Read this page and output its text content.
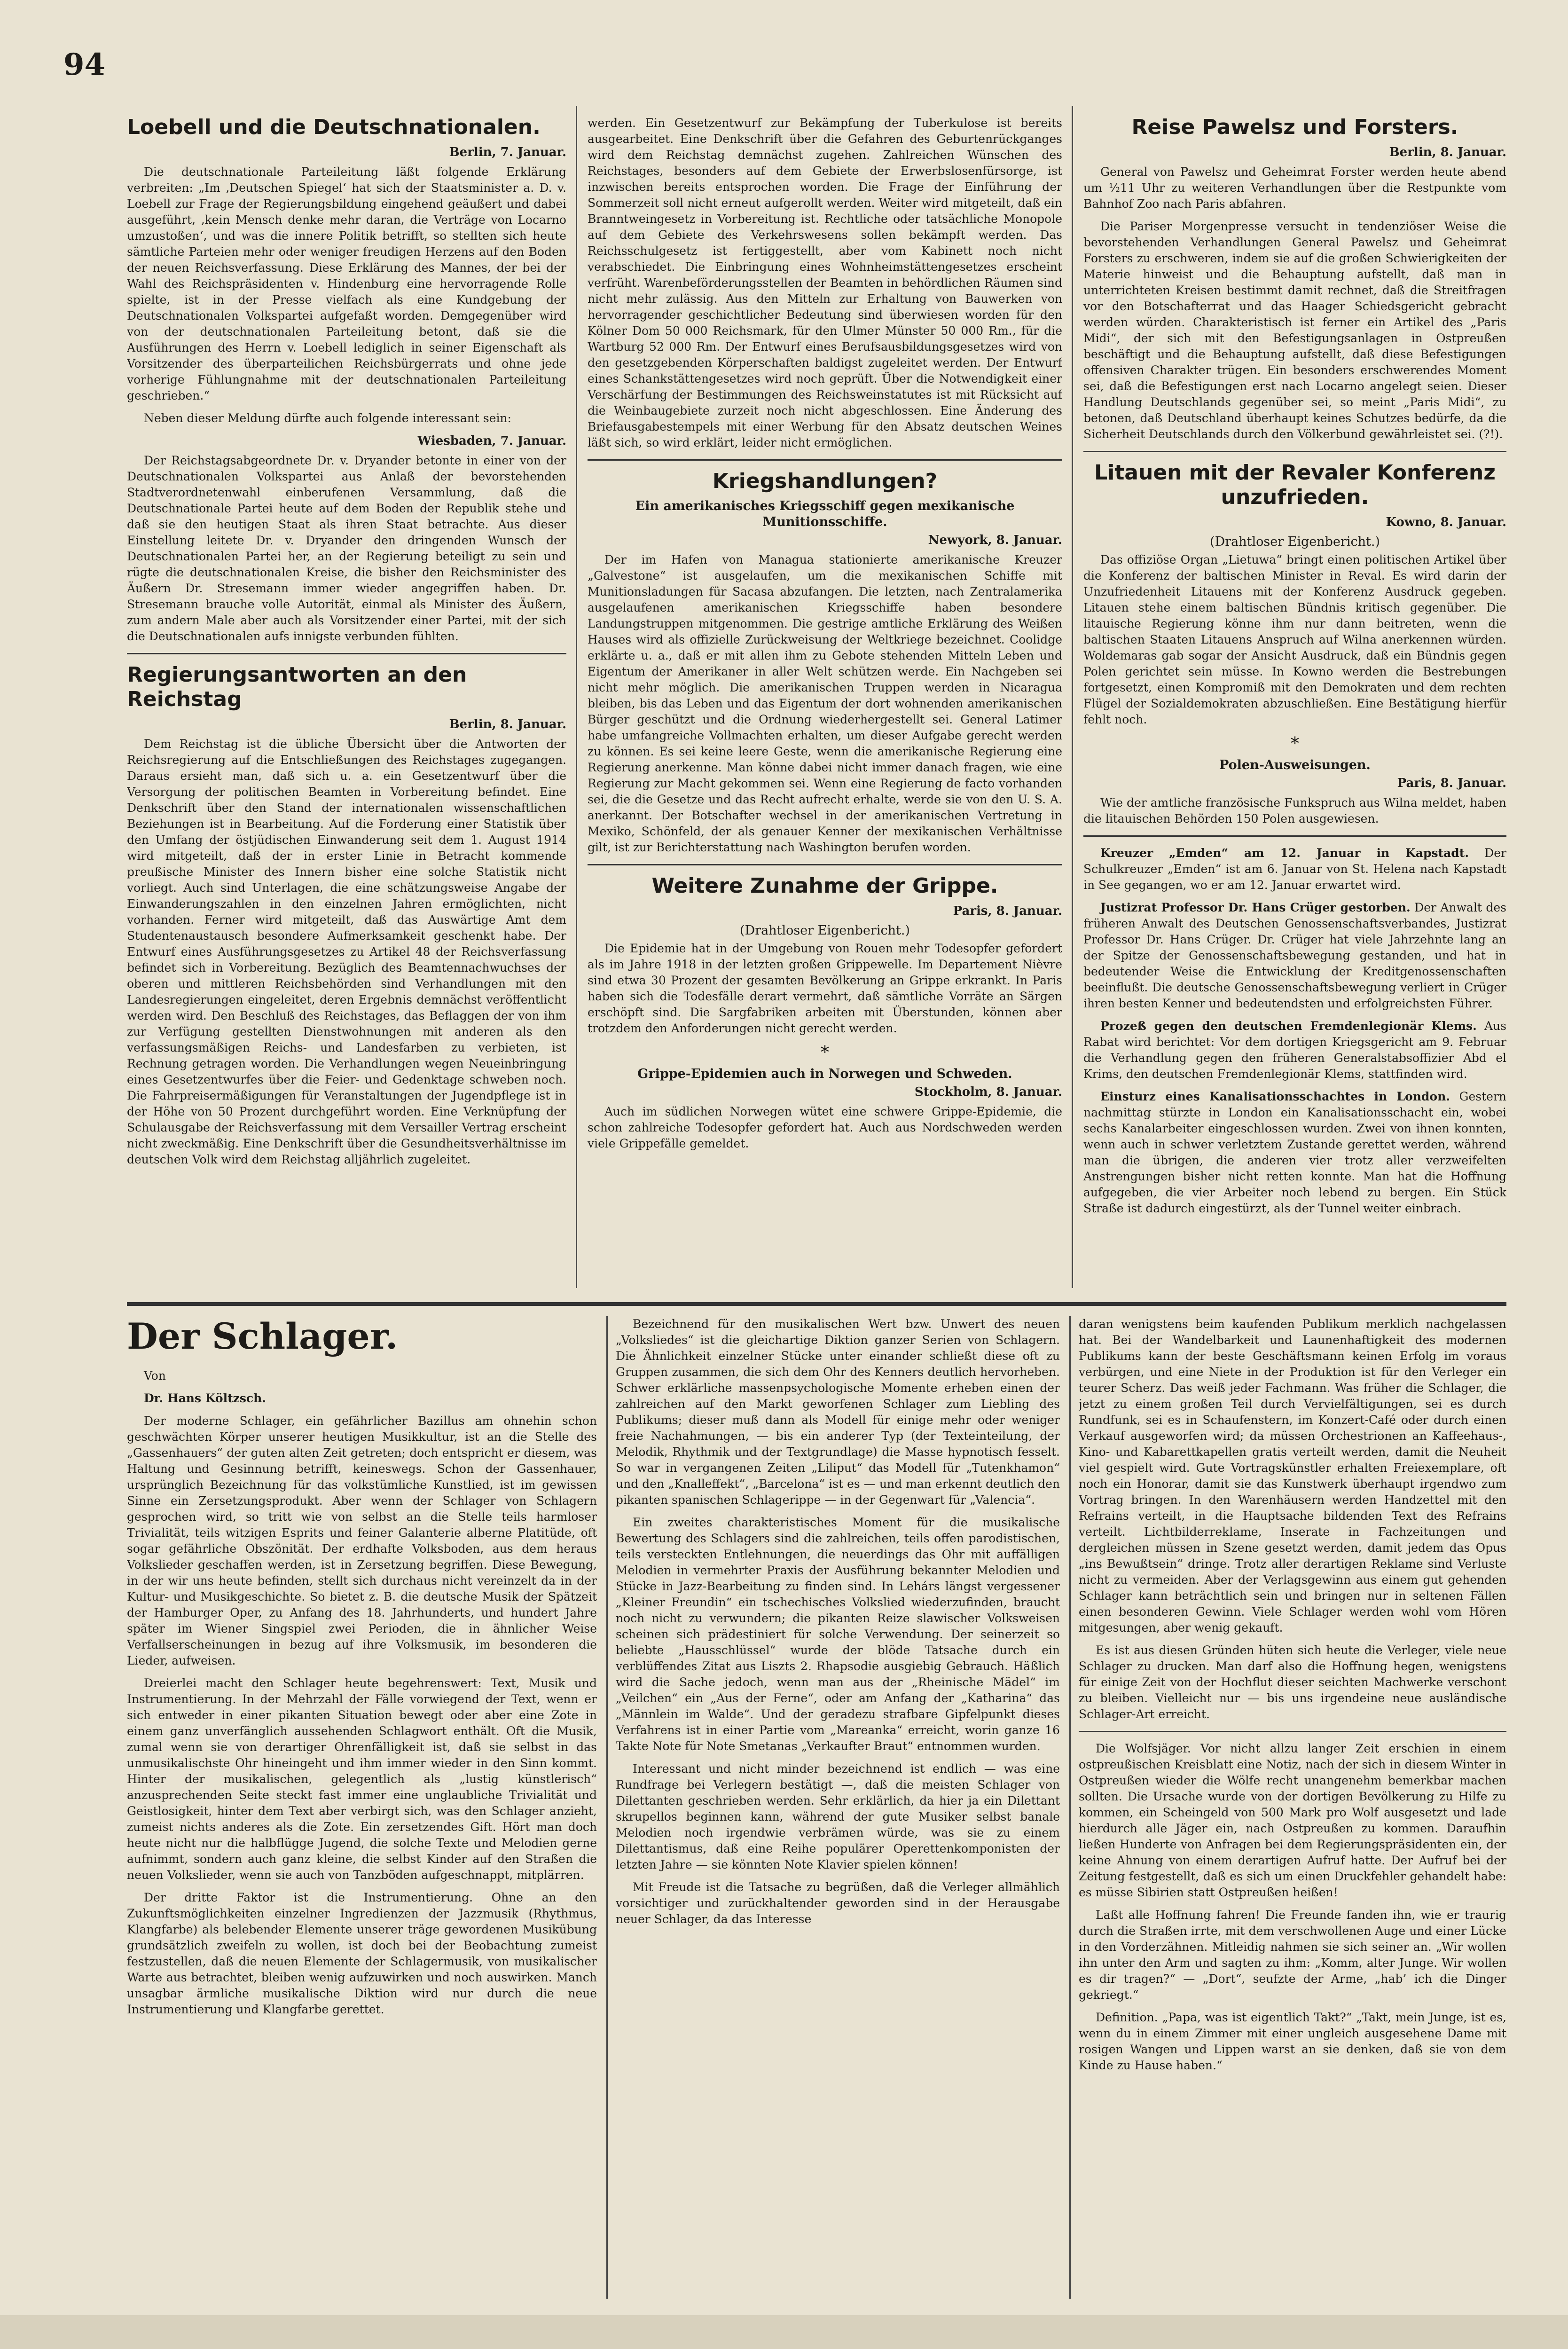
94
Loebell und die Deutschnationalen.
Berlin, 7. Januar.

Die deutschnationale Parteileitung läßt folgende Erklärung verbreiten: „Im ‚Deutschen Spiegel‘ hat sich der Staatsminister a. D. v. Loebell zur Frage der Regierungsbildung eingehend geäußert und dabei ausgeführt, ‚kein Mensch denke mehr daran, die Verträge von Locarno umzustoßen‘, und was die innere Politik betrifft, so stellten sich heute sämtliche Parteien mehr oder weniger freudigen Herzens auf den Boden der neuen Reichsverfassung. Diese Erklärung des Mannes, der bei der Wahl des Reichspräsidenten v. Hindenburg eine hervorragende Rolle spielte, ist in der Presse vielfach als eine Kundgebung der Deutschnationalen Volkspartei aufgefaßt worden. Demgegenüber wird von der deutschnationalen Parteileitung betont, daß sie die Ausführungen des Herrn v. Loebell lediglich in seiner Eigenschaft als Vorsitzender des überparteilichen Reichsbürgerrats und ohne jede vorherige Fühlungnahme mit der deutschnationalen Parteileitung geschrieben.“

Neben dieser Meldung dürfte auch folgende interessant sein:

Wiesbaden, 7. Januar.

Der Reichstagsabgeordnete Dr. v. Dryander betonte in einer von der Deutschnationalen Volkspartei aus Anlaß der bevorstehenden Stadtverordnetenwahl einberufenen Versammlung, daß die Deutschnationale Partei heute auf dem Boden der Republik stehe und daß sie den heutigen Staat als ihren Staat betrachte. Aus dieser Einstellung leitete Dr. v. Dryander den dringenden Wunsch der Deutschnationalen Partei her, an der Regierung beteiligt zu sein und rügte die deutschnationalen Kreise, die bisher den Reichsminister des Äußern Dr. Stresemann immer wieder angegriffen haben. Dr. Stresemann brauche volle Autorität, einmal als Minister des Äußern, zum andern Male aber auch als Vorsitzender einer Partei, mit der sich die Deutschnationalen aufs innigste verbunden fühlten.

Regierungsantworten an den Reichstag
Berlin, 8. Januar.

Dem Reichstag ist die übliche Übersicht über die Antworten der Reichsregierung auf die Entschließungen des Reichstages zugegangen. Daraus ersieht man, daß sich u. a. ein Gesetzentwurf über die Versorgung der politischen Beamten in Vorbereitung befindet. Eine Denkschrift über den Stand der internationalen wissenschaftlichen Beziehungen ist in Bearbeitung. Auf die Forderung einer Statistik über den Umfang der östjüdischen Einwanderung seit dem 1. August 1914 wird mitgeteilt, daß der in erster Linie in Betracht kommende preußische Minister des Innern bisher eine solche Statistik nicht vorliegt. Auch sind Unterlagen, die eine schätzungsweise Angabe der Einwanderungszahlen in den einzelnen Jahren ermöglichten, nicht vorhanden. Ferner wird mitgeteilt, daß das Auswärtige Amt dem Studentenaustausch besondere Aufmerksamkeit geschenkt habe. Der Entwurf eines Ausführungsgesetzes zu Artikel 48 der Reichsverfassung befindet sich in Vorbereitung. Bezüglich des Beamtennachwuchses der oberen und mittleren Reichsbehörden sind Verhandlungen mit den Landesregierungen eingeleitet, deren Ergebnis demnächst veröffentlicht werden wird. Den Beschluß des Reichstages, das Beflaggen der von ihm zur Verfügung gestellten Dienstwohnungen mit anderen als den verfassungsmäßigen Reichs- und Landesfarben zu verbieten, ist Rechnung getragen worden. Die Verhandlungen wegen Neueinbringung eines Gesetzentwurfes über die Feier- und Gedenktage schweben noch. Die Fahrpreisermäßigungen für Veranstaltungen der Jugendpflege ist in der Höhe von 50 Prozent durchgeführt worden. Eine Verknüpfung der Schulausgabe der Reichsverfassung mit dem Versailler Vertrag erscheint nicht zweckmäßig. Eine Denkschrift über die Gesundheitsverhältnisse im deutschen Volk wird dem Reichstag alljährlich zugeleitet.

werden. Ein Gesetzentwurf zur Bekämpfung der Tuberkulose ist bereits ausgearbeitet. Eine Denkschrift über die Gefahren des Geburtenrückganges wird dem Reichstag demnächst zugehen. Zahlreichen Wünschen des Reichstages, besonders auf dem Gebiete der Erwerbslosenfürsorge, ist inzwischen bereits entsprochen worden. Die Frage der Einführung der Sommerzeit soll nicht erneut aufgerollt werden. Weiter wird mitgeteilt, daß ein Branntweingesetz in Vorbereitung ist. Rechtliche oder tatsächliche Monopole auf dem Gebiete des Verkehrswesens sollen bekämpft werden. Das Reichsschulgesetz ist fertiggestellt, aber vom Kabinett noch nicht verabschiedet. Die Einbringung eines Wohnheimstättengesetzes erscheint verfrüht. Warenbeförderungsstellen der Beamten in behördlichen Räumen sind nicht mehr zulässig. Aus den Mitteln zur Erhaltung von Bauwerken von hervorragender geschichtlicher Bedeutung sind überwiesen worden für den Kölner Dom 50 000 Reichsmark, für den Ulmer Münster 50 000 Rm., für die Wartburg 52 000 Rm. Der Entwurf eines Berufsausbildungsgesetzes wird von den gesetzgebenden Körperschaften baldigst zugeleitet werden. Der Entwurf eines Schankstättengesetzes wird noch geprüft. Über die Notwendigkeit einer Verschärfung der Bestimmungen des Reichsweinstatutes ist mit Rücksicht auf die Weinbaugebiete zurzeit noch nicht abgeschlossen. Eine Änderung des Briefausgabestempels mit einer Werbung für den Absatz deutschen Weines läßt sich, so wird erklärt, leider nicht ermöglichen.

Kriegshandlungen?
Ein amerikanisches Kriegsschiff gegen mexikanische Munitionsschiffe.
Newyork, 8. Januar.

Der im Hafen von Managua stationierte amerikanische Kreuzer „Galvestone“ ist ausgelaufen, um die mexikanischen Schiffe mit Munitionsladungen für Sacasa abzufangen. Die letzten, nach Zentralamerika ausgelaufenen amerikanischen Kriegsschiffe haben besondere Landungstruppen mitgenommen. Die gestrige amtliche Erklärung des Weißen Hauses wird als offizielle Zurückweisung der Weltkriege bezeichnet. Coolidge erklärte u. a., daß er mit allen ihm zu Gebote stehenden Mitteln Leben und Eigentum der Amerikaner in aller Welt schützen werde. Ein Nachgeben sei nicht mehr möglich. Die amerikanischen Truppen werden in Nicaragua bleiben, bis das Leben und das Eigentum der dort wohnenden amerikanischen Bürger geschützt und die Ordnung wiederhergestellt sei. General Latimer habe umfangreiche Vollmachten erhalten, um dieser Aufgabe gerecht werden zu können. Es sei keine leere Geste, wenn die amerikanische Regierung eine Regierung anerkenne. Man könne dabei nicht immer danach fragen, wie eine Regierung zur Macht gekommen sei. Wenn eine Regierung de facto vorhanden sei, die die Gesetze und das Recht aufrecht erhalte, werde sie von den U. S. A. anerkannt. Der Botschafter wechsel in der amerikanischen Vertretung in Mexiko, Schönfeld, der als genauer Kenner der mexikanischen Verhältnisse gilt, ist zur Berichterstattung nach Washington berufen worden.

Weitere Zunahme der Grippe.
Paris, 8. Januar.
(Drahtloser Eigenbericht.)

Die Epidemie hat in der Umgebung von Rouen mehr Todesopfer gefordert als im Jahre 1918 in der letzten großen Grippewelle. Im Departement Nièvre sind etwa 30 Prozent der gesamten Bevölkerung an Grippe erkrankt. In Paris haben sich die Todesfälle derart vermehrt, daß sämtliche Vorräte an Särgen erschöpft sind. Die Sargfabriken arbeiten mit Überstunden, können aber trotzdem den Anforderungen nicht gerecht werden.

*
Grippe-Epidemien auch in Norwegen und Schweden.
Stockholm, 8. Januar.

Auch im südlichen Norwegen wütet eine schwere Grippe-Epidemie, die schon zahlreiche Todesopfer gefordert hat. Auch aus Nordschweden werden viele Grippefälle gemeldet.

Reise Pawelsz und Forsters.
Berlin, 8. Januar.

General von Pawelsz und Geheimrat Forster werden heute abend um ½11 Uhr zu weiteren Verhandlungen über die Restpunkte vom Bahnhof Zoo nach Paris abfahren.

Die Pariser Morgenpresse versucht in tendenziöser Weise die bevorstehenden Verhandlungen General Pawelsz und Geheimrat Forsters zu erschweren, indem sie auf die großen Schwierigkeiten der Materie hinweist und die Behauptung aufstellt, daß man in unterrichteten Kreisen bestimmt damit rechnet, daß die Streitfragen vor den Botschafterrat und das Haager Schiedsgericht gebracht werden würden. Charakteristisch ist ferner ein Artikel des „Paris Midi“, der sich mit den Befestigungsanlagen in Ostpreußen beschäftigt und die Behauptung aufstellt, daß diese Befestigungen offensiven Charakter trügen. Ein besonders erschwerendes Moment sei, daß die Befestigungen erst nach Locarno angelegt seien. Dieser Handlung Deutschlands gegenüber sei, so meint „Paris Midi“, zu betonen, daß Deutschland überhaupt keines Schutzes bedürfe, da die Sicherheit Deutschlands durch den Völkerbund gewährleistet sei. (?!).

Litauen mit der Revaler Konferenz unzufrieden.
Kowno, 8. Januar.
(Drahtloser Eigenbericht.)

Das offiziöse Organ „Lietuwa“ bringt einen politischen Artikel über die Konferenz der baltischen Minister in Reval. Es wird darin der Unzufriedenheit Litauens mit der Konferenz Ausdruck gegeben. Litauen stehe einem baltischen Bündnis kritisch gegenüber. Die litauische Regierung könne ihm nur dann beitreten, wenn die baltischen Staaten Litauens Anspruch auf Wilna anerkennen würden. Woldemaras gab sogar der Ansicht Ausdruck, daß ein Bündnis gegen Polen gerichtet sein müsse. In Kowno werden die Bestrebungen fortgesetzt, einen Kompromiß mit den Demokraten und dem rechten Flügel der Sozialdemokraten abzuschließen. Eine Bestätigung hierfür fehlt noch.

*
Polen-Ausweisungen.
Paris, 8. Januar.

Wie der amtliche französische Funkspruch aus Wilna meldet, haben die litauischen Behörden 150 Polen ausgewiesen.

Kreuzer „Emden“ am 12. Januar in Kapstadt. Der Schulkreuzer „Emden“ ist am 6. Januar von St. Helena nach Kapstadt in See gegangen, wo er am 12. Januar erwartet wird.

Justizrat Professor Dr. Hans Crüger gestorben. Der Anwalt des früheren Anwalt des Deutschen Genossenschaftsverbandes, Justizrat Professor Dr. Hans Crüger. Dr. Crüger hat viele Jahrzehnte lang an der Spitze der Genossenschaftsbewegung gestanden, und hat in bedeutender Weise die Entwicklung der Kreditgenossenschaften beeinflußt. Die deutsche Genossenschaftsbewegung verliert in Crüger ihren besten Kenner und bedeutendsten und erfolgreichsten Führer.

Prozeß gegen den deutschen Fremdenlegionär Klems. Aus Rabat wird berichtet: Vor dem dortigen Kriegsgericht am 9. Februar die Verhandlung gegen den früheren Generalstabsoffizier Abd el Krims, den deutschen Fremdenlegionär Klems, stattfinden wird.

Einsturz eines Kanalisationsschachtes in London. Gestern nachmittag stürzte in London ein Kanalisationsschacht ein, wobei sechs Kanalarbeiter eingeschlossen wurden. Zwei von ihnen konnten, wenn auch in schwer verletztem Zustande gerettet werden, während man die übrigen, die anderen vier trotz aller verzweifelten Anstrengungen bisher nicht retten konnte. Man hat die Hoffnung aufgegeben, die vier Arbeiter noch lebend zu bergen. Ein Stück Straße ist dadurch eingestürzt, als der Tunnel weiter einbrach.

Der Schlager.

Von

Dr. Hans Költzsch.

Der moderne Schlager, ein gefährlicher Bazillus am ohnehin schon geschwächten Körper unserer heutigen Musikkultur, ist an die Stelle des „Gassenhauers“ der guten alten Zeit getreten; doch entspricht er diesem, was Haltung und Gesinnung betrifft, keineswegs. Schon der Gassenhauer, ursprünglich Bezeichnung für das volkstümliche Kunstlied, ist im gewissen Sinne ein Zersetzungsprodukt. Aber wenn der Schlager von Schlagern gesprochen wird, so tritt wie von selbst an die Stelle teils harmloser Trivialität, teils witzigen Esprits und feiner Galanterie alberne Platitüde, oft sogar gefährliche Obszönität. Der erdhafte Volksboden, aus dem heraus Volkslieder geschaffen werden, ist in Zersetzung begriffen. Diese Bewegung, in der wir uns heute befinden, stellt sich durchaus nicht vereinzelt da in der Kultur- und Musikgeschichte. So bietet z. B. die deutsche Musik der Spätzeit der Hamburger Oper, zu Anfang des 18. Jahrhunderts, und hundert Jahre später im Wiener Singspiel zwei Perioden, die in ähnlicher Weise Verfallserscheinungen in bezug auf ihre Volksmusik, im besonderen die Lieder, aufweisen.

Dreierlei macht den Schlager heute begehrenswert: Text, Musik und Instrumentierung. In der Mehrzahl der Fälle vorwiegend der Text, wenn er sich entweder in einer pikanten Situation bewegt oder aber eine Zote in einem ganz unverfänglich aussehenden Schlagwort enthält. Oft die Musik, zumal wenn sie von derartiger Ohrenfälligkeit ist, daß sie selbst in das unmusikalischste Ohr hineingeht und ihm immer wieder in den Sinn kommt. Hinter der musikalischen, gelegentlich als „lustig künstlerisch“ anzusprechenden Seite steckt fast immer eine unglaubliche Trivialität und Geistlosigkeit, hinter dem Text aber verbirgt sich, was den Schlager anzieht, zumeist nichts anderes als die Zote. Ein zersetzendes Gift. Hört man doch heute nicht nur die halbflügge Jugend, die solche Texte und Melodien gerne aufnimmt, sondern auch ganz kleine, die selbst Kinder auf den Straßen die neuen Volkslieder, wenn sie auch von Tanzböden aufgeschnappt, mitplärren.

Der dritte Faktor ist die Instrumentierung. Ohne an den Zukunftsmöglichkeiten einzelner Ingredienzen der Jazzmusik (Rhythmus, Klangfarbe) als belebender Elemente unserer träge gewordenen Musikübung grundsätzlich zweifeln zu wollen, ist doch bei der Beobachtung zumeist festzustellen, daß die neuen Elemente der Schlagermusik, von musikalischer Warte aus betrachtet, bleiben wenig aufzuwirken und noch auswirken. Manch unsagbar ärmliche musikalische Diktion wird nur durch die neue Instrumentierung und Klangfarbe gerettet.

Bezeichnend für den musikalischen Wert bzw. Unwert des neuen „Volksliedes“ ist die gleichartige Diktion ganzer Serien von Schlagern. Die Ähnlichkeit einzelner Stücke unter einander schließt diese oft zu Gruppen zusammen, die sich dem Ohr des Kenners deutlich hervorheben. Schwer erklärliche massenpsychologische Momente erheben einen der zahlreichen auf den Markt geworfenen Schlager zum Liebling des Publikums; dieser muß dann als Modell für einige mehr oder weniger freie Nachahmungen, — bis ein anderer Typ (der Texteinteilung, der Melodik, Rhythmik und der Textgrundlage) die Masse hypnotisch fesselt. So war in vergangenen Zeiten „Liliput“ das Modell für „Tutenkhamon“ und den „Knalleffekt“, „Barcelona“ ist es — und man erkennt deutlich den pikanten spanischen Schlagerippe — in der Gegenwart für „Valencia“.

Ein zweites charakteristisches Moment für die musikalische Bewertung des Schlagers sind die zahlreichen, teils offen parodistischen, teils versteckten Entlehnungen, die neuerdings das Ohr mit auffälligen Melodien in vermehrter Praxis der Ausführung bekannter Melodien und Stücke in Jazz-Bearbeitung zu finden sind. In Lehárs längst vergessener „Kleiner Freundin“ ein tschechisches Volkslied wiederzufinden, braucht noch nicht zu verwundern; die pikanten Reize slawischer Volksweisen scheinen sich prädestiniert für solche Verwendung. Der seinerzeit so beliebte „Hausschlüssel“ wurde der blöde Tatsache durch ein verblüffendes Zitat aus Liszts 2. Rhapsodie ausgiebig Gebrauch. Häßlich wird die Sache jedoch, wenn man aus der „Rheinische Mädel“ im „Veilchen“ ein „Aus der Ferne“, oder am Anfang der „Katharina“ das „Männlein im Walde“. Und der geradezu strafbare Gipfelpunkt dieses Verfahrens ist in einer Partie vom „Mareanka“ erreicht, worin ganze 16 Takte Note für Note Smetanas „Verkaufter Braut“ entnommen wurden.

Interessant und nicht minder bezeichnend ist endlich — was eine Rundfrage bei Verlegern bestätigt —, daß die meisten Schlager von Dilettanten geschrieben werden. Sehr erklärlich, da hier ja ein Dilettant skrupellos beginnen kann, während der gute Musiker selbst banale Melodien noch irgendwie verbrämen würde, was sie zu einem Dilettantismus, daß eine Reihe populärer Operettenkomponisten der letzten Jahre — sie könnten Note Klavier spielen können!

Mit Freude ist die Tatsache zu begrüßen, daß die Verleger allmählich vorsichtiger und zurückhaltender geworden sind in der Herausgabe neuer Schlager, da das Interesse

daran wenigstens beim kaufenden Publikum merklich nachgelassen hat. Bei der Wandelbarkeit und Launenhaftigkeit des modernen Publikums kann der beste Geschäftsmann keinen Erfolg im voraus verbürgen, und eine Niete in der Produktion ist für den Verleger ein teurer Scherz. Das weiß jeder Fachmann. Was früher die Schlager, die jetzt zu einem großen Teil durch Vervielfältigungen, sei es durch Rundfunk, sei es in Schaufenstern, im Konzert-Café oder durch einen Verkauf ausgeworfen wird; da müssen Orchestrionen an Kaffeehaus-, Kino- und Kabarettkapellen gratis verteilt werden, damit die Neuheit viel gespielt wird. Gute Vortragskünstler erhalten Freiexemplare, oft noch ein Honorar, damit sie das Kunstwerk überhaupt irgendwo zum Vortrag bringen. In den Warenhäusern werden Handzettel mit den Refrains verteilt, in die Hauptsache bildenden Text des Refrains verteilt. Lichtbilderreklame, Inserate in Fachzeitungen und dergleichen müssen in Szene gesetzt werden, damit jedem das Opus „ins Bewußtsein“ dringe. Trotz aller derartigen Reklame sind Verluste nicht zu vermeiden. Aber der Verlagsgewinn aus einem gut gehenden Schlager kann beträchtlich sein und bringen nur in seltenen Fällen einen besonderen Gewinn. Viele Schlager werden wohl vom Hören mitgesungen, aber wenig gekauft.

Es ist aus diesen Gründen hüten sich heute die Verleger, viele neue Schlager zu drucken. Man darf also die Hoffnung hegen, wenigstens für einige Zeit von der Hochflut dieser seichten Machwerke verschont zu bleiben. Vielleicht nur — bis uns irgendeine neue ausländische Schlager-Art erreicht.

Die Wolfsjäger. Vor nicht allzu langer Zeit erschien in einem ostpreußischen Kreisblatt eine Notiz, nach der sich in diesem Winter in Ostpreußen wieder die Wölfe recht unangenehm bemerkbar machen sollten. Die Ursache wurde von der dortigen Bevölkerung zu Hilfe zu kommen, ein Scheingeld von 500 Mark pro Wolf ausgesetzt und lade hierdurch alle Jäger ein, nach Ostpreußen zu kommen. Daraufhin ließen Hunderte von Anfragen bei dem Regierungspräsidenten ein, der keine Ahnung von einem derartigen Aufruf hatte. Der Aufruf bei der Zeitung festgestellt, daß es sich um einen Druckfehler gehandelt habe: es müsse Sibirien statt Ostpreußen heißen!

Laßt alle Hoffnung fahren! Die Freunde fanden ihn, wie er traurig durch die Straßen irrte, mit dem verschwollenen Auge und einer Lücke in den Vorderzähnen. Mitleidig nahmen sie sich seiner an. „Wir wollen ihn unter den Arm und sagten zu ihm: „Komm, alter Junge. Wir wollen es dir tragen?“ — „Dort“, seufzte der Arme, „hab’ ich die Dinger gekriegt.“

Definition. „Papa, was ist eigentlich Takt?“ „Takt, mein Junge, ist es, wenn du in einem Zimmer mit einer ungleich ausgesehene Dame mit rosigen Wangen und Lippen warst an sie denken, daß sie von dem Kinde zu Hause haben.“
